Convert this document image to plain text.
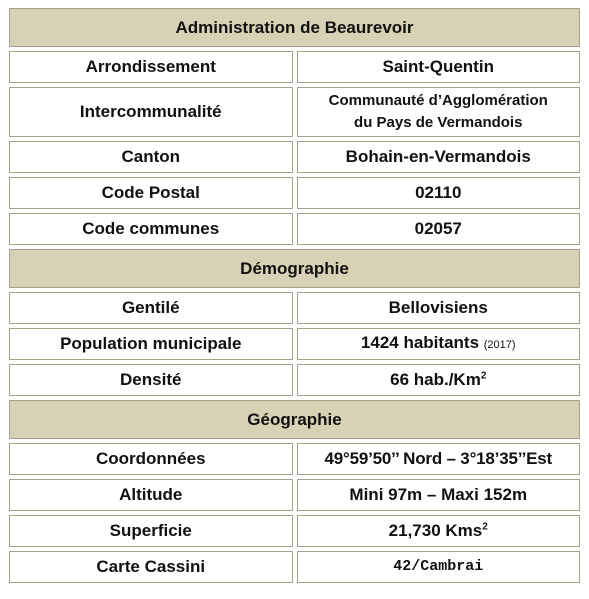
Administration de Beaurevoir	
Arrondissement	Saint-Quentin
Intercommunalité	Communauté d’Agglomération
du Pays de Vermandois
Canton	Bohain-en-Vermandois
Code Postal	02110
Code communes	02057
Démographie	
Gentilé	Bellovisiens
Population municipale	1424 habitants (2017)
Densité	66 hab./Km$^2$
Géographie	
Coordonnées	49°59’50’’ Nord – 3°18’35’’Est
Altitude	Mini 97m – Maxi 152m
Superficie	21,730 Kms$^2$
Carte Cassini	42/Cambrai
